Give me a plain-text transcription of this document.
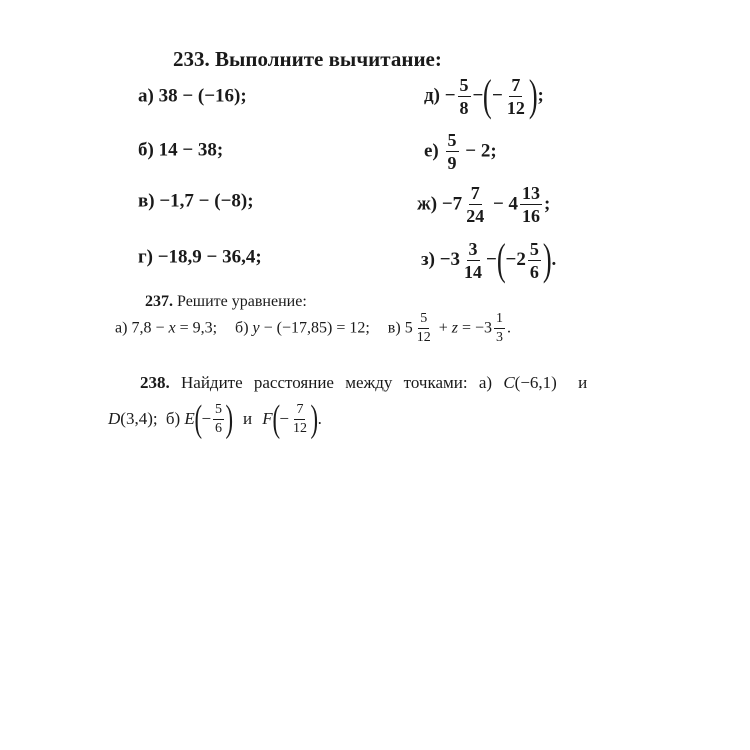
233. Выполните вычитание:
а) 38 − (−16);
б) 14 − 38;
в) −1,7 − (−8);
г) −18,9 − 36,4;
$д) - \frac{5}{8}$ −(− $\frac{7}{12}$ );
$е) \frac{5}{9} - 2$;
$ж) -7 \frac{7}{24} - 4 \frac{13}{16}$ ;
$з) -3 \frac{3}{14} -(-2 \frac{5}{6}$ ).
237. Решите уравнение:
а) 7,8 − x = 9,3; б) y − (−17,85) = 12; в) $5 \frac{5}{12} + z = -3 \frac{1}{3}$ .
238. Найдите расстояние между точками: а) C(−6,1) и
D(3,4); б) $E(- \frac{5}{6}$ ) и $F(- \frac{7}{12}$ ).
